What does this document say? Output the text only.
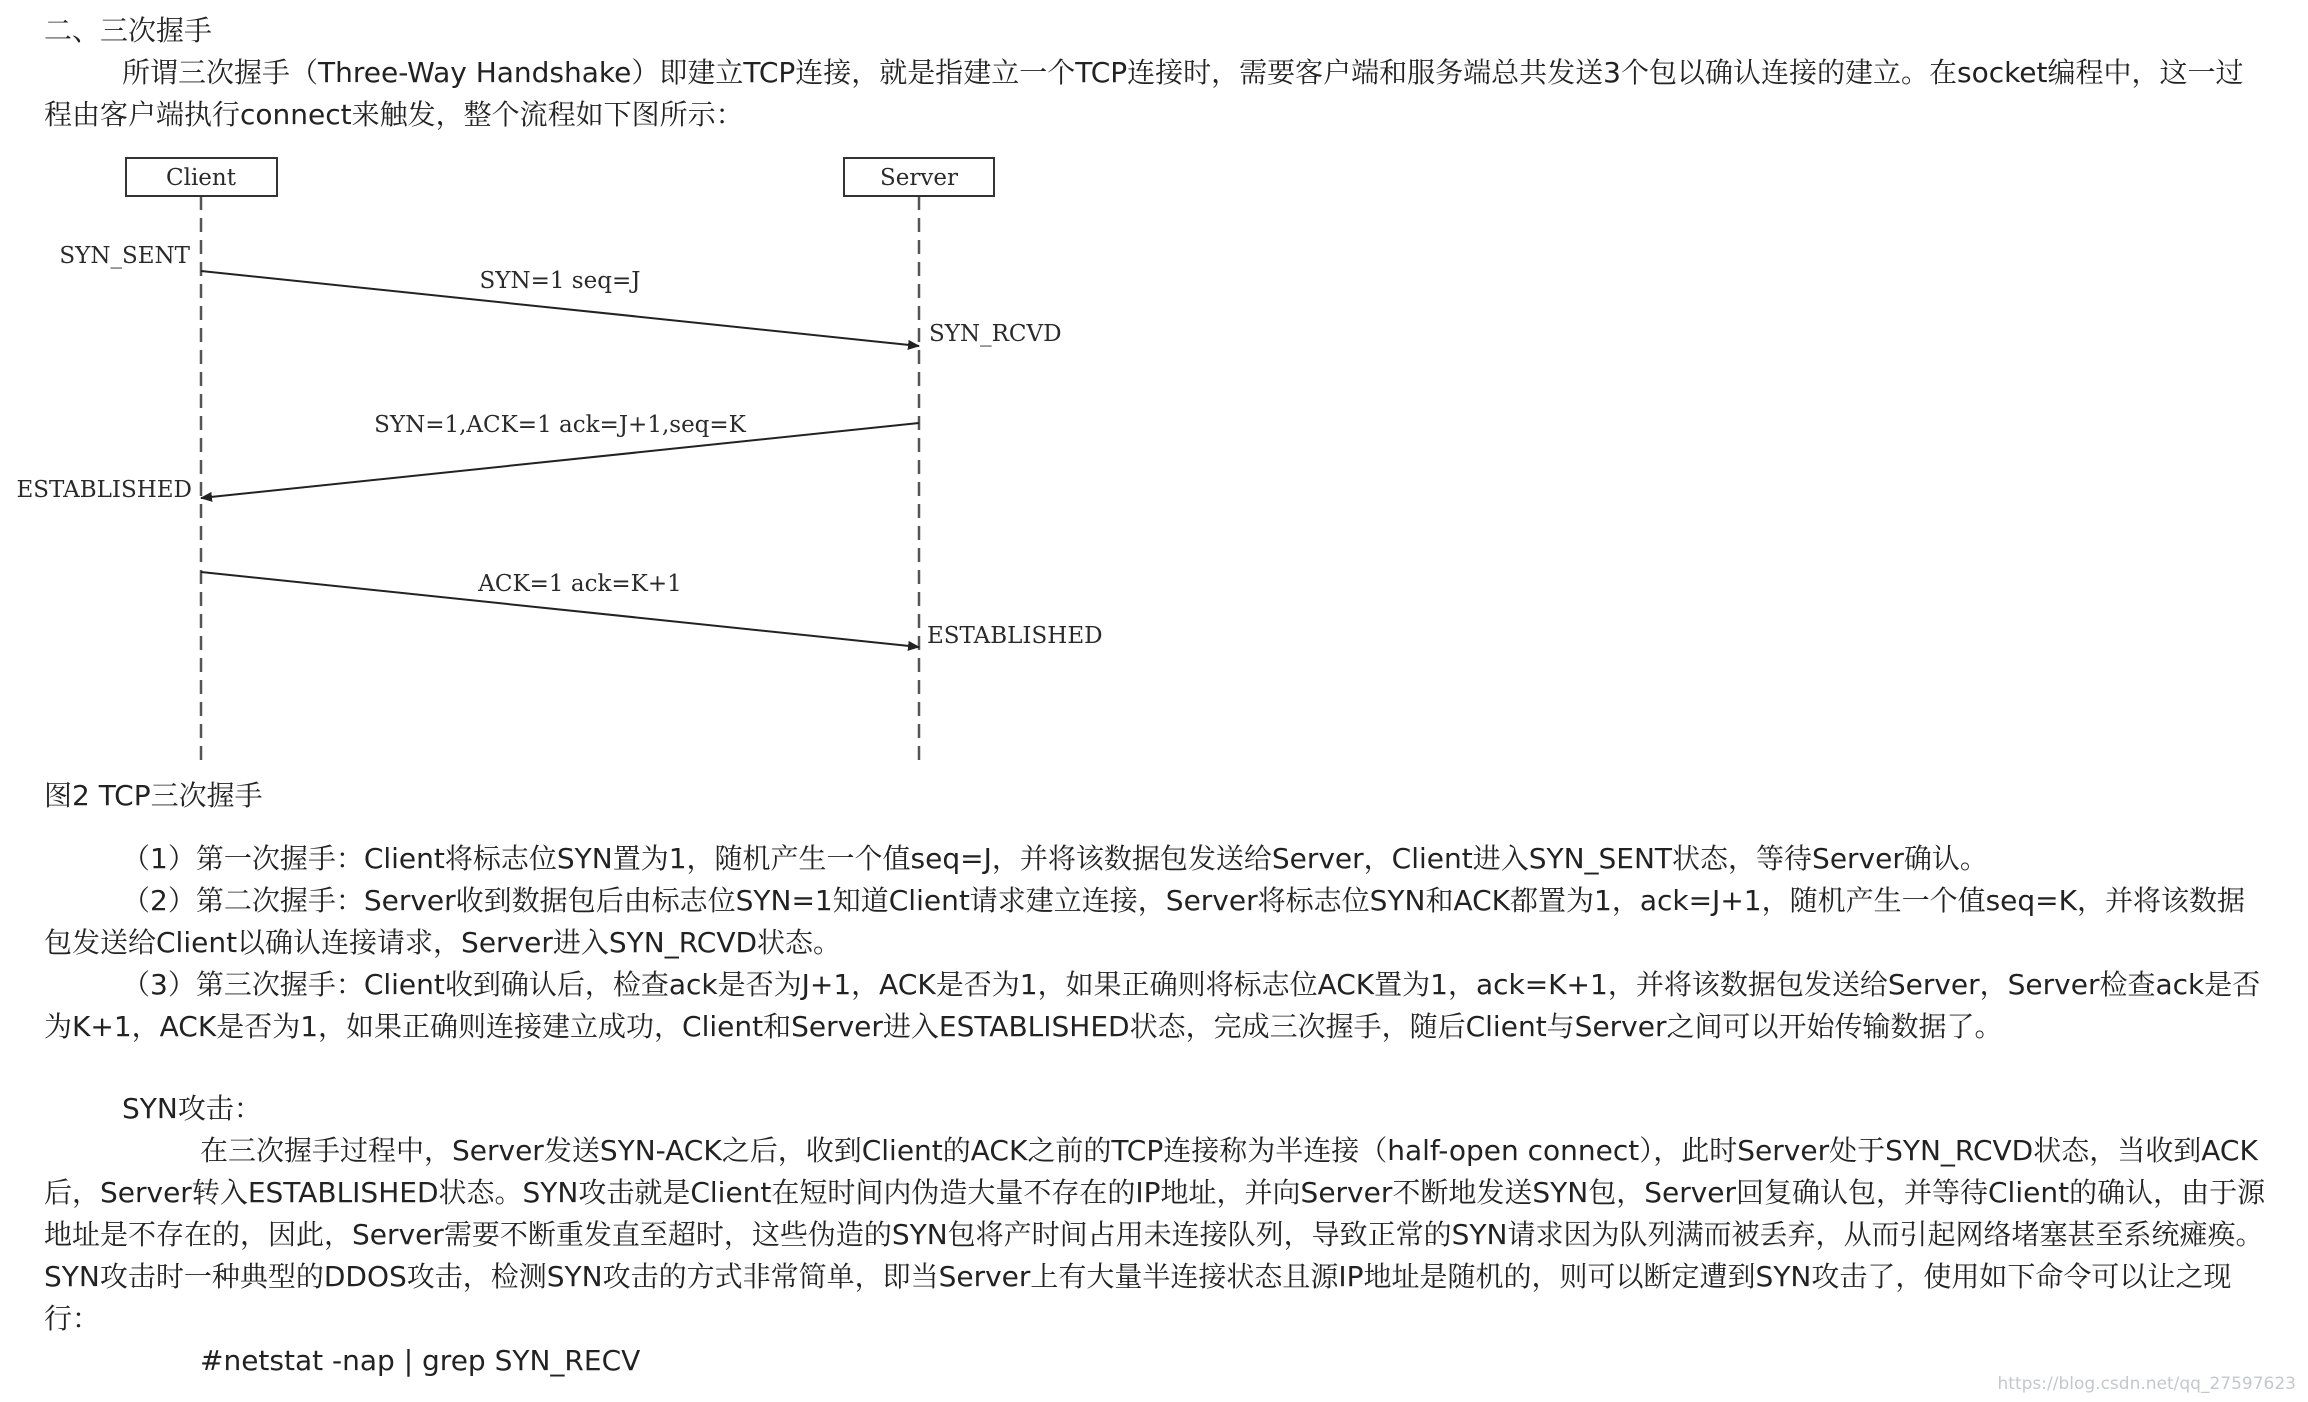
二、三次握手

所谓三次握手（Three-Way Handshake）即建立TCP连接，就是指建立一个TCP连接时，需要客户端和服务端总共发送3个包以确认连接的建立。在socket编程中，这一过程由客户端执行connect来触发，整个流程如下图所示：

Client	Server
SYN_SENT
SYN_RCVD
ESTABLISHED
ESTABLISHED
SYN=1 seq=J
SYN=1,ACK=1 ack=J+1,seq=K
ACK=1 ack=K+1
图2 TCP三次握手

（1）第一次握手：Client将标志位SYN置为1，随机产生一个值seq=J，并将该数据包发送给Server，Client进入SYN_SENT状态，等待Server确认。

（2）第二次握手：Server收到数据包后由标志位SYN=1知道Client请求建立连接，Server将标志位SYN和ACK都置为1，ack=J+1，随机产生一个值seq=K，并将该数据包发送给Client以确认连接请求，Server进入SYN_RCVD状态。

（3）第三次握手：Client收到确认后，检查ack是否为J+1，ACK是否为1，如果正确则将标志位ACK置为1，ack=K+1，并将该数据包发送给Server，Server检查ack是否为K+1，ACK是否为1，如果正确则连接建立成功，Client和Server进入ESTABLISHED状态，完成三次握手，随后Client与Server之间可以开始传输数据了。

SYN攻击：

在三次握手过程中，Server发送SYN-ACK之后，收到Client的ACK之前的TCP连接称为半连接（half-open connect），此时Server处于SYN_RCVD状态，当收到ACK后，Server转入ESTABLISHED状态。SYN攻击就是Client在短时间内伪造大量不存在的IP地址，并向Server不断地发送SYN包，Server回复确认包，并等待Client的确认，由于源地址是不存在的，因此，Server需要不断重发直至超时，这些伪造的SYN包将产时间占用未连接队列，导致正常的SYN请求因为队列满而被丢弃，从而引起网络堵塞甚至系统瘫痪。SYN攻击时一种典型的DDOS攻击，检测SYN攻击的方式非常简单，即当Server上有大量半连接状态且源IP地址是随机的，则可以断定遭到SYN攻击了，使用如下命令可以让之现行：

#netstat -nap | grep SYN_RECV
https://blog.csdn.net/qq_27597623
